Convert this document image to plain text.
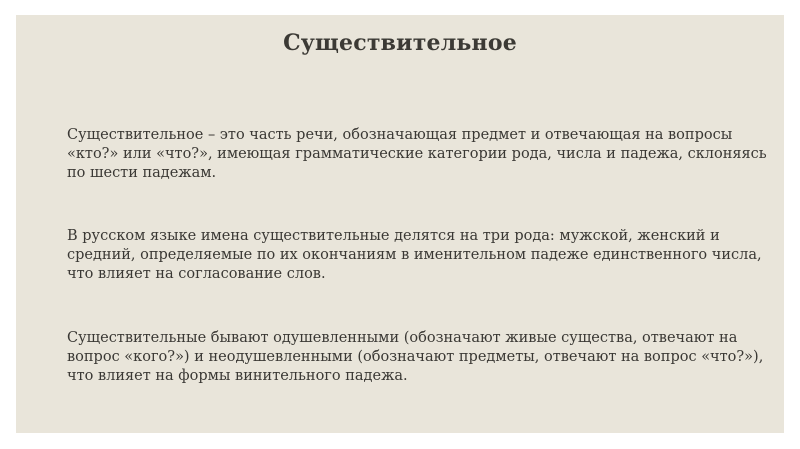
Существительное

Существительное – это часть речи, обозначающая предмет и отвечающая на вопросы «кто?» или «что?», имеющая грамматические категории рода, числа и падежа, склоняясь по шести падежам.

В русском языке имена существительные делятся на три рода: мужской, женский и средний, определяемые по их окончаниям в именительном падеже единственного числа, что влияет на согласование слов.

Существительные бывают одушевленными (обозначают живые существа, отвечают на вопрос «кого?») и неодушевленными (обозначают предметы, отвечают на вопрос «что?»), что влияет на формы винительного падежа.
